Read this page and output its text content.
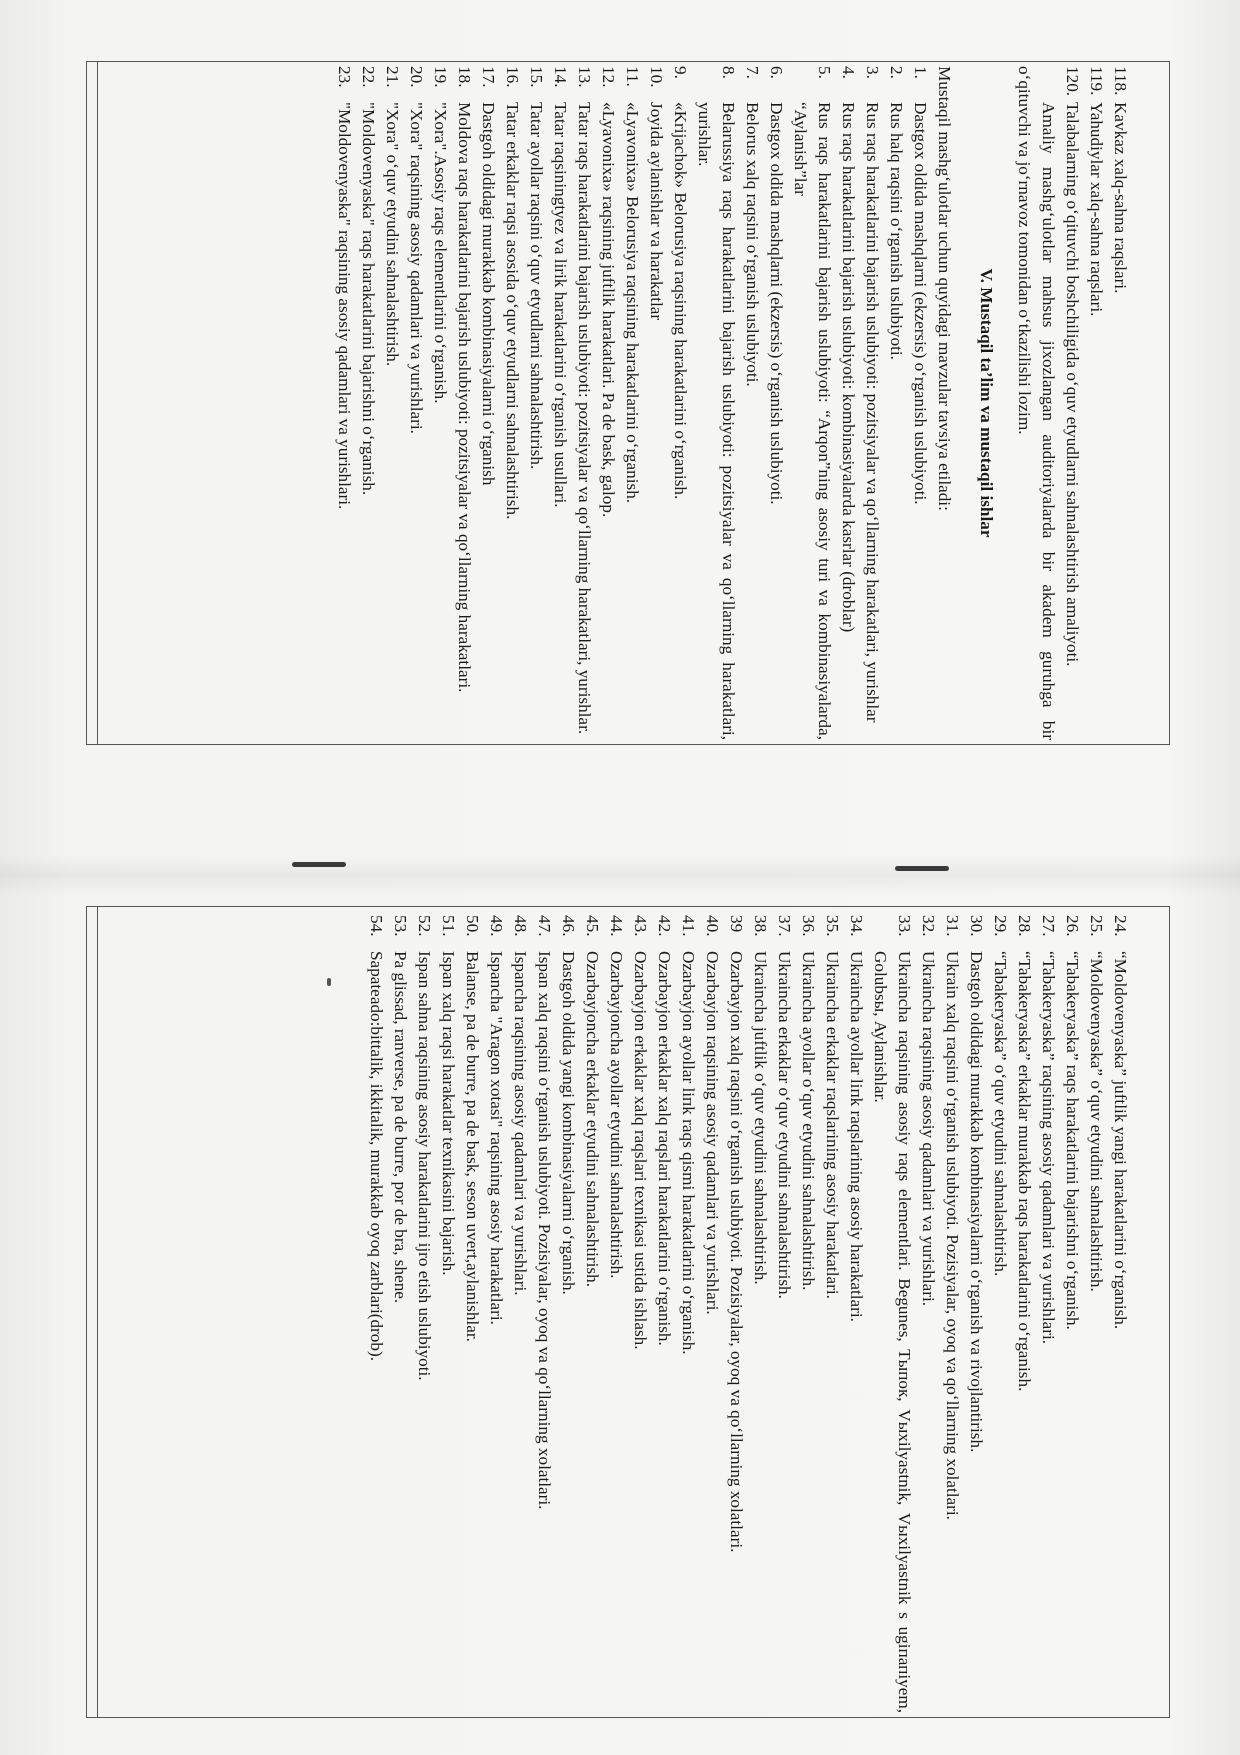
118.
Kavkaz xalq-sahna raqslari.
119.
Yahudiylar xalq-sahna raqslari.
120.
Talabalarning o‘qituvchi boshchiligida o‘quv etyudlarni sahnalashtirish amaliyoti.
Amaliy mashg‘ulotlar mahsus jixozlangan auditoriyalarda bir akadem guruhga bir o‘qituvchi va jo‘rnavoz tomonidan o‘tkazilishi lozim.
V. Mustaqil ta’lim va mustaqil ishlar
Mustaqil mashg‘ulotlar uchun quyidagi mavzular tavsiya etiladi:
1.
Dastgox oldida mashqlarni (ekzersis) o‘rganish uslubiyoti.
2.
Rus halq raqsini o‘rganish uslubiyoti.
3.
Rus raqs harakatlarini bajarish uslubiyoti: pozitsiyalar va qo‘llarning harakatlari, yurishlar
4.
Rus raqs harakatlarini bajarish uslubiyoti: kombinasiyalarda kasrlar (droblar)
5.
Rus raqs harakatlarini bajarish uslubiyoti: “Arqon”ning asosiy turi va kombinasiyalarda, “Aylanish”lar
6.
Dastgox oldida mashqlarni (ekzersis) o‘rganish uslubiyoti.
7.
Belorus xalq raqsini o‘rganish uslubiyoti.
8.
Belarussiya raqs harakatlarini bajarish uslubiyoti: pozitsiyalar va qo‘llarning harakatlari, yurishlar.
9.
«Krijachok» Belorusiya raqsining harakatlarini o‘rganish.
10.
Joyida aylanishlar va harakatlar
11.
«Lyavonixa» Belorusiya raqsining harakatlarini o‘rganish.
12.
«Lyavonixa» raqsining juftlik harakatlari. Pa de bask, galop.
13.
Tatar raqs harakatlarini bajarish uslubiyoti: pozitsiyalar va qo‘llarning harakatlari, yurishlar.
14.
Tatar raqsiningtyez va lirik harakatlarini o‘rganish usullari.
15.
Tatar ayollar raqsini o‘quv etyudlarni sahnalashtirish.
16.
Tatar erkaklar raqsi asosida o‘quv etyudlarni sahnalashtirish.
17.
Dastgoh oldidagi murakkab kombinasiyalarni o‘rganish
18.
Moldova raqs harakatlarini bajarish uslubiyoti: pozitsiyalar va qo‘llarning harakatlari.
19.
"Xora".Asosiy raqs elementlarini o‘rganish.
20.
"Xora" raqsining asosiy qadamlari va yurishlari.
21.
"Xora" o‘quv etyudini sahnalashtirish.
22.
"Moldovenyaska" raqs harakatlarini bajarishni o‘rganish.
23.
"Moldovenyaska" raqsining asosiy qadamlari va yurishlari.
24.
“Moldovenyaska” juftlik yangi harakatlarini o‘rganish.
25.
“Moldovenyaska” o‘quv etyudini sahnalashtirish.
26.
“Tabakeryaska” raqs harakatlarini bajarishni o‘rganish.
27.
“Tabakeryaska” raqsining asosiy qadamlari va yurishlari.
28.
“Tabakeryaska” erkaklar murakkab raqs harakatlarini o‘rganish.
29.
“Tabakeryaska” o‘quv etyudini sahnalashtirish.
30.
Dastgoh oldidagi murakkab kombinasiyalarni o‘rganish va rivojlantirish.
31.
Ukrain xalq raqsini o‘rganish uslubiyoti. Pozisiyalar, oyoq va qo‘llarning xolatlari.
32.
Ukraincha raqsining asosiy qadamlari va yurishlari.
33.
Ukraincha raqsining asosiy raqs elementlari. Begunes, Tыпок, Vыхilyastnik, Vыхilyastnik s ugiпапiyem, Golubsы, Aylanishlar.
34.
Ukraincha ayollar liпk raqslarining asosiy harakatlari.
35.
Ukraincha erkaklar raqslarining asosiy harakatlari.
36.
Ukraincha ayollar o‘quv etyudini sahnalashtirish.
37.
Ukraincha erkaklar o‘quv etyudini sahnalashtirish.
38.
Ukraincha juftlik o‘quv etyudini sahnalashtirish.
39
Ozarbayjon xalq raqsini o‘rganish uslubiyoti. Pozisiyalar, oyoq va qo‘llarning xolatlari.
40.
Ozarbayjon raqsining asosiy qadamlari va yurishlari.
41.
Ozarbayjon ayollar liпk raqs qismi harakatlarini o‘rganish.
42.
Ozarbayjon erkaklar xalq raqslari harakatlarini o‘rganish.
43.
Ozarbayjon erkaklar xalq raqslari texnikasi ustida ishlash.
44.
Ozarbayjoncha ayollar etyudini sahnalashtirish.
45.
Ozarbayjoncha erkaklar etyudini sahnalashtirish.
46.
Dastgoh oldida yangi kombinasiyalarni o‘rganish.
47.
Ispan xalq raqsini o‘rganish uslubiyoti. Pozisiyalar, oyoq va qo‘llarning xolatlari.
48.
Ispancha raqsining asosiy qadamlari va yurishlari.
49.
Ispancha "Aragon xotasi" raqsining asosiy harakatlari.
50.
Balanse, pa de burre, pa de bask, seson uvert,aylanishlar.
51.
Ispan xalq raqsi harakatlar texnikasini bajarish.
52.
Ispan sahna raqsining asosiy harakatlarini ijro etish uslubiyoti.
53.
Pa glissad, ranverse, pa de burre, por de bra, shene.
54.
Sapateado:bittalik, ikkitalik, murakkab oyoq zarblari(drob).
